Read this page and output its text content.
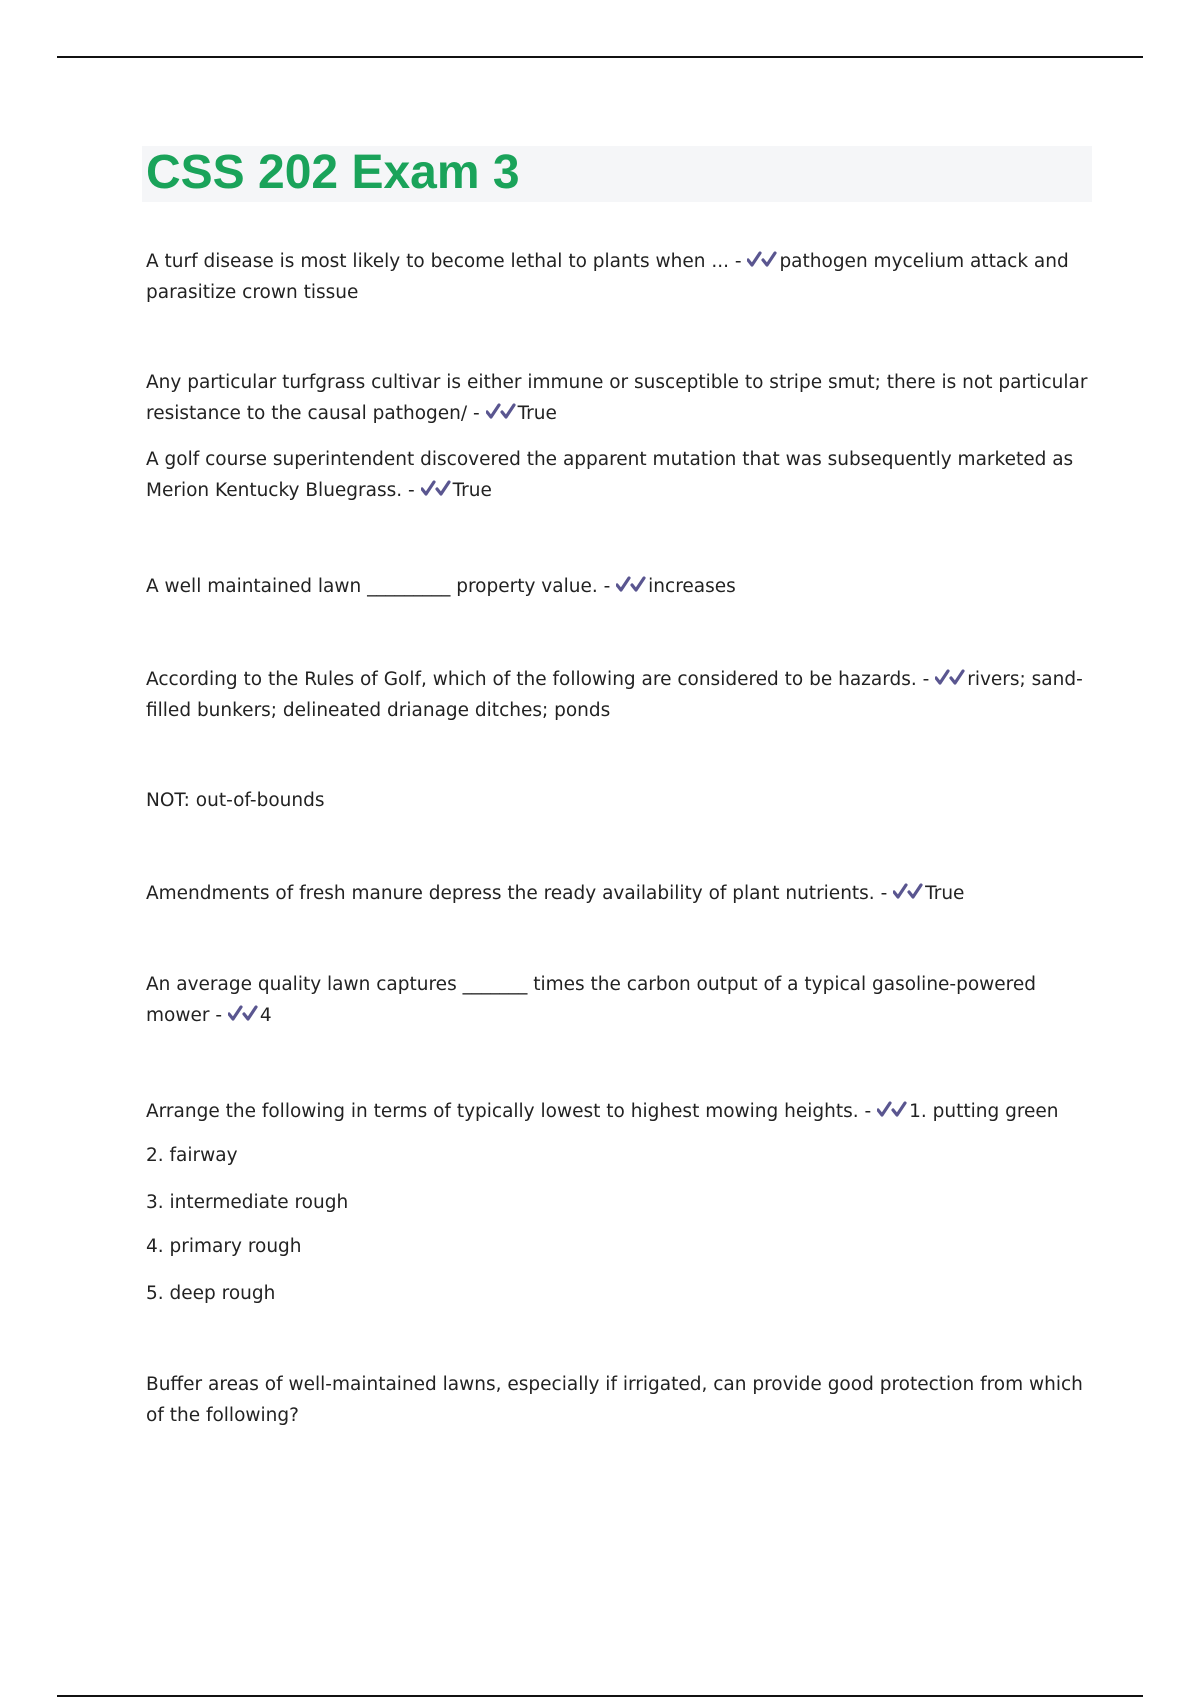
CSS 202 Exam 3

A turf disease is most likely to become lethal to plants when ... - pathogen mycelium attack and parasitize crown tissue

Any particular turfgrass cultivar is either immune or susceptible to stripe smut; there is not particular resistance to the causal pathogen/ - True

A golf course superintendent discovered the apparent mutation that was subsequently marketed as Merion Kentucky Bluegrass. - True

A well maintained lawn _________ property value. - increases

According to the Rules of Golf, which of the following are considered to be hazards. - rivers; sand-filled bunkers; delineated drianage ditches; ponds

NOT: out-of-bounds

Amendments of fresh manure depress the ready availability of plant nutrients. - True

An average quality lawn captures _______ times the carbon output of a typical gasoline-powered mower - 4

Arrange the following in terms of typically lowest to highest mowing heights. - 1. putting green

2. fairway

3. intermediate rough

4. primary rough

5. deep rough

Buffer areas of well-maintained lawns, especially if irrigated, can provide good protection from which of the following?
